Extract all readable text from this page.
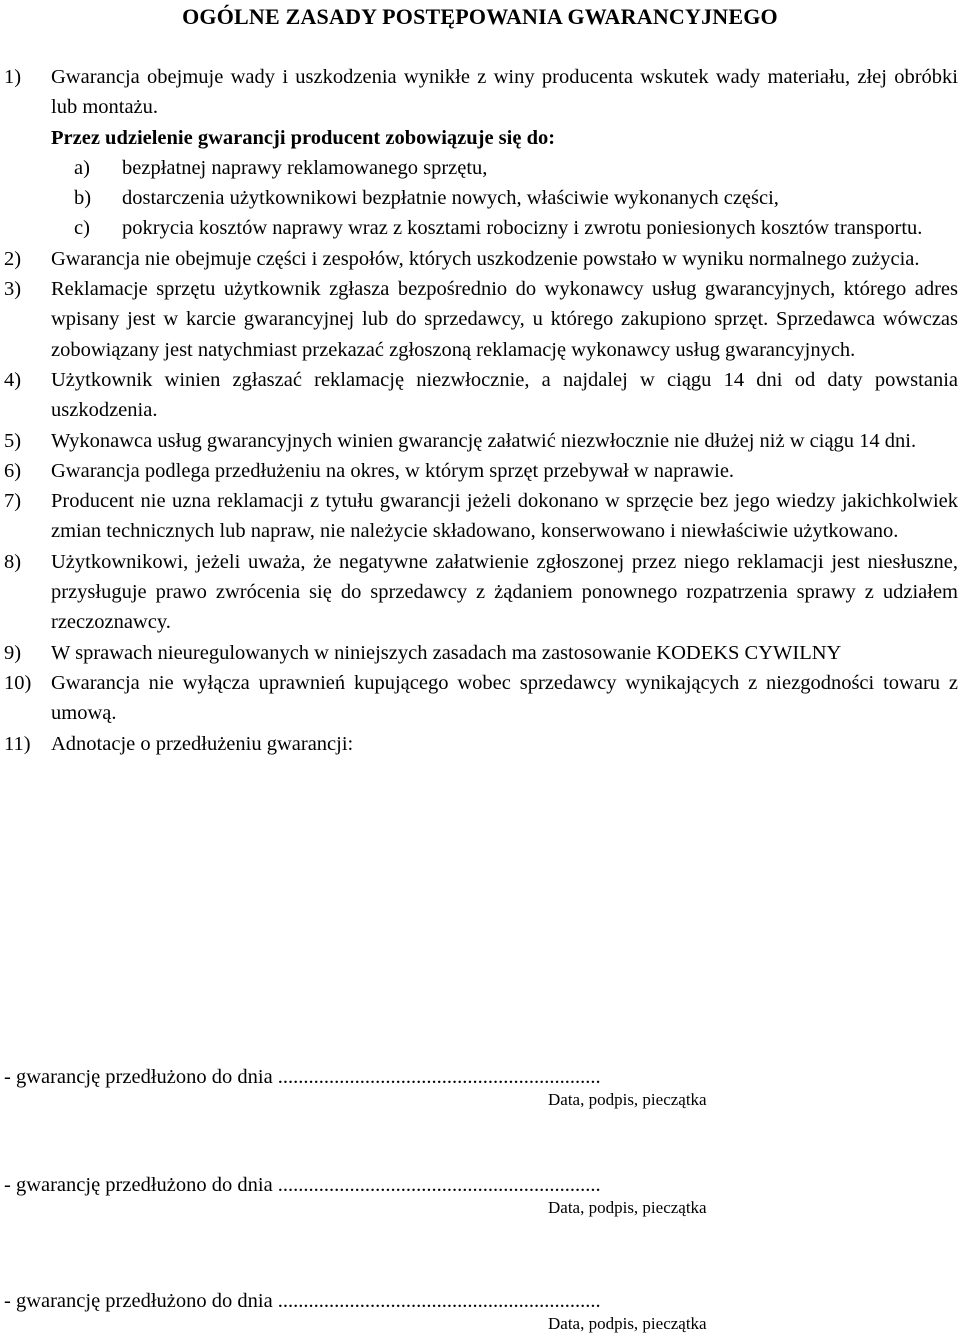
OGÓLNE ZASADY POSTĘPOWANIA GWARANCYJNEGO
1) Gwarancja obejmuje wady i uszkodzenia wynikłe z winy producenta wskutek wady materiału, złej obróbki lub montażu.
Przez udzielenie gwarancji producent zobowiązuje się do:
a) bezpłatnej naprawy reklamowanego sprzętu,
b) dostarczenia użytkownikowi bezpłatnie nowych, właściwie wykonanych części,
c) pokrycia kosztów naprawy wraz z kosztami robocizny i zwrotu poniesionych kosztów transportu.
2) Gwarancja nie obejmuje części i zespołów, których uszkodzenie powstało w wyniku normalnego zużycia.
3) Reklamacje sprzętu użytkownik zgłasza bezpośrednio do wykonawcy usług gwarancyjnych, którego adres wpisany jest w karcie gwarancyjnej lub do sprzedawcy, u którego zakupiono sprzęt. Sprzedawca wówczas zobowiązany jest natychmiast przekazać zgłoszoną reklamację wykonawcy usług gwarancyjnych.
4) Użytkownik winien zgłaszać reklamację niezwłocznie, a najdalej w ciągu 14 dni od daty powstania uszkodzenia.
5) Wykonawca usług gwarancyjnych winien gwarancję załatwić niezwłocznie nie dłużej niż w ciągu 14 dni.
6) Gwarancja podlega przedłużeniu na okres, w którym sprzęt przebywał w naprawie.
7) Producent nie uzna reklamacji z tytułu gwarancji jeżeli dokonano w sprzęcie bez jego wiedzy jakichkolwiek zmian technicznych lub napraw, nie należycie składowano, konserwowano i niewłaściwie użytkowano.
8) Użytkownikowi, jeżeli uważa, że negatywne załatwienie zgłoszonej przez niego reklamacji jest niesłuszne, przysługuje prawo zwrócenia się do sprzedawcy z żądaniem ponownego rozpatrzenia sprawy z udziałem rzeczoznawcy.
9) W sprawach nieuregulowanych w niniejszych zasadach ma zastosowanie KODEKS CYWILNY
10) Gwarancja nie wyłącza uprawnień kupującego wobec sprzedawcy wynikających z niezgodności towaru z umową.
11) Adnotacje o przedłużeniu gwarancji:
- gwarancję przedłużono do dnia ...............................................................
Data, podpis, pieczątka
- gwarancję przedłużono do dnia ...............................................................
Data, podpis, pieczątka
- gwarancję przedłużono do dnia ...............................................................
Data, podpis, pieczątka
